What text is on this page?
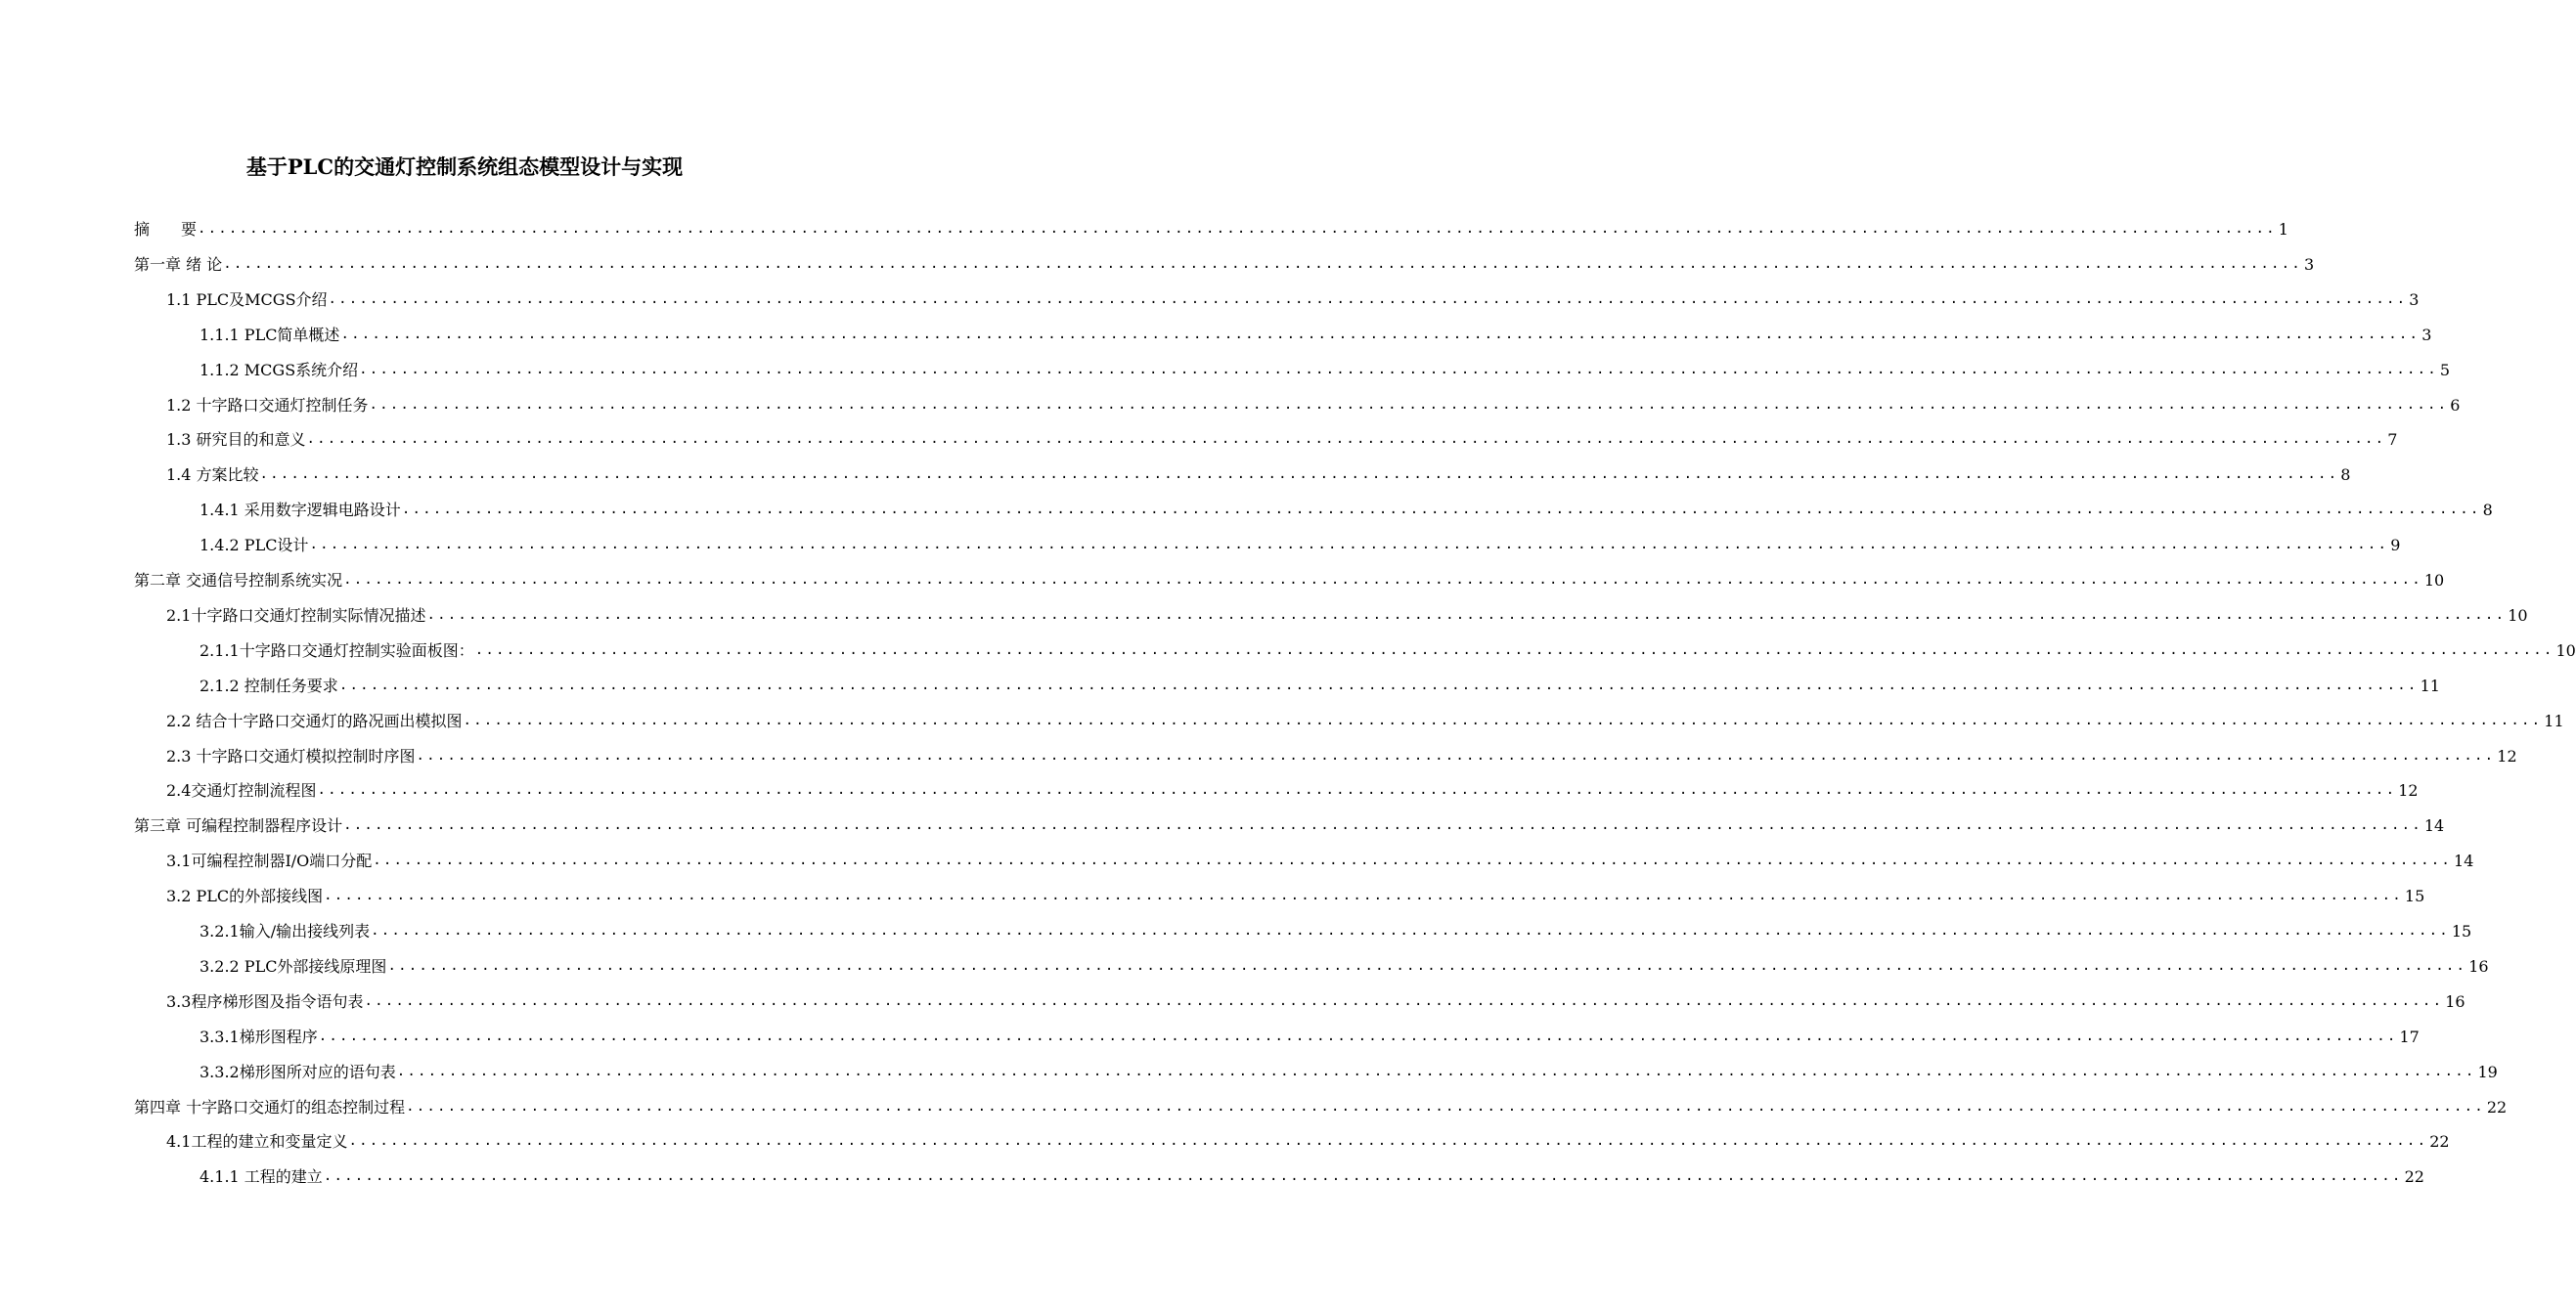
基于PLC的交通灯控制系统组态模型设计与实现
摘　　要 ........................................................................................................................................................................................................ 1
第一章 绪 论 ........................................................................................................................................................................................................ 3
1.1 PLC及MCGS介绍 ........................................................................................................................................................................................................ 3
1.1.1 PLC简单概述 ........................................................................................................................................................................................................ 3
1.1.2 MCGS系统介绍 ........................................................................................................................................................................................................ 5
1.2 十字路口交通灯控制任务 ........................................................................................................................................................................................................ 6
1.3 研究目的和意义 ........................................................................................................................................................................................................ 7
1.4 方案比较 ........................................................................................................................................................................................................ 8
1.4.1 采用数字逻辑电路设计 ........................................................................................................................................................................................................ 8
1.4.2 PLC设计 ........................................................................................................................................................................................................ 9
第二章 交通信号控制系统实况 ........................................................................................................................................................................................................ 10
2.1十字路口交通灯控制实际情况描述 ........................................................................................................................................................................................................ 10
2.1.1十字路口交通灯控制实验面板图： ........................................................................................................................................................................................................ 10
2.1.2 控制任务要求 ........................................................................................................................................................................................................ 11
2.2 结合十字路口交通灯的路况画出模拟图 ........................................................................................................................................................................................................ 11
2.3 十字路口交通灯模拟控制时序图 ........................................................................................................................................................................................................ 12
2.4交通灯控制流程图 ........................................................................................................................................................................................................ 12
第三章 可编程控制器程序设计 ........................................................................................................................................................................................................ 14
3.1可编程控制器I/O端口分配 ........................................................................................................................................................................................................ 14
3.2 PLC的外部接线图 ........................................................................................................................................................................................................ 15
3.2.1输入/输出接线列表 ........................................................................................................................................................................................................ 15
3.2.2 PLC外部接线原理图 ........................................................................................................................................................................................................ 16
3.3程序梯形图及指令语句表 ........................................................................................................................................................................................................ 16
3.3.1梯形图程序 ........................................................................................................................................................................................................ 17
3.3.2梯形图所对应的语句表 ........................................................................................................................................................................................................ 19
第四章 十字路口交通灯的组态控制过程 ........................................................................................................................................................................................................ 22
4.1工程的建立和变量定义 ........................................................................................................................................................................................................ 22
4.1.1 工程的建立 ........................................................................................................................................................................................................ 22
